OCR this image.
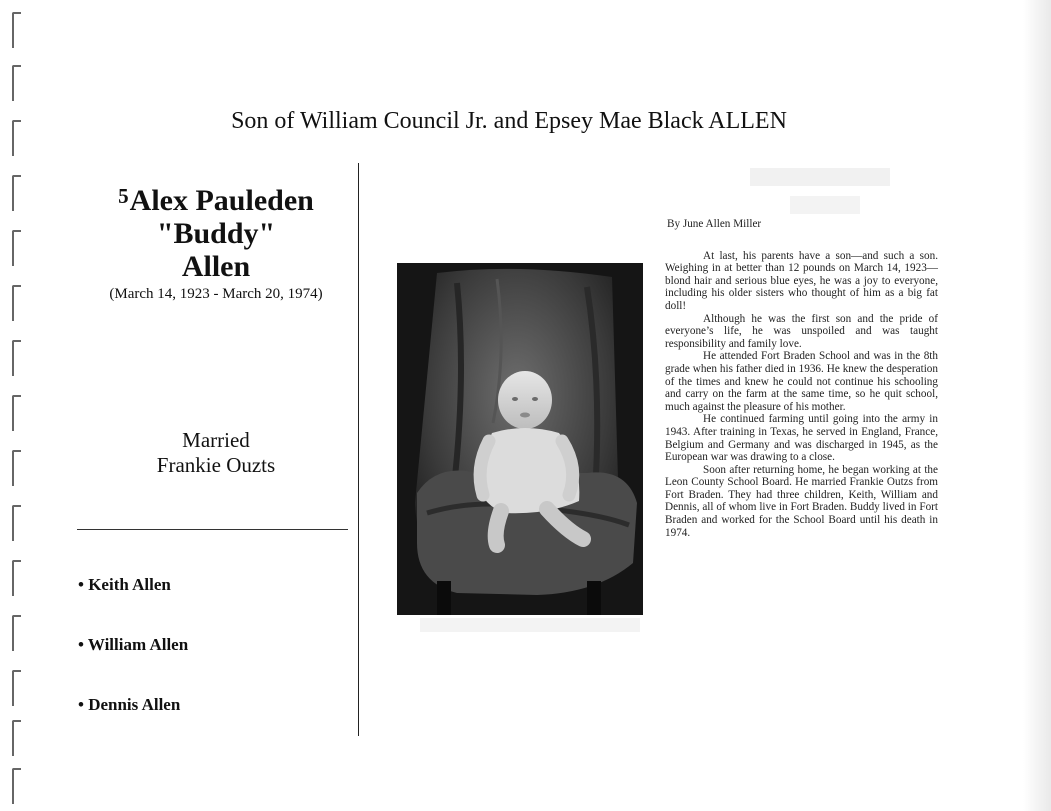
Son of William Council Jr. and Epsey Mae Black ALLEN
$^5$Alex Pauleden
"Buddy"
Allen
(March 14, 1923 - March 20, 1974)
Married
Frankie Ouzts
• Keith Allen
• William Allen
• Dennis Allen
By June Allen Miller

At last, his parents have a son—and such a son. Weighing in at better than 12 pounds on March 14, 1923—blond hair and serious blue eyes, he was a joy to everyone, including his older sisters who thought of him as a big fat doll!

Although he was the first son and the pride of everyone’s life, he was unspoiled and was taught responsibility and family love.

He attended Fort Braden School and was in the 8th grade when his father died in 1936. He knew the desperation of the times and knew he could not continue his schooling and carry on the farm at the same time, so he quit school, much against the pleasure of his mother.

He continued farming until going into the army in 1943. After training in Texas, he served in England, France, Belgium and Germany and was discharged in 1945, as the European war was drawing to a close.

Soon after returning home, he began working at the Leon County School Board. He married Frankie Outzs from Fort Braden. They had three children, Keith, William and Dennis, all of whom live in Fort Braden. Buddy lived in Fort Braden and worked for the School Board until his death in 1974.
